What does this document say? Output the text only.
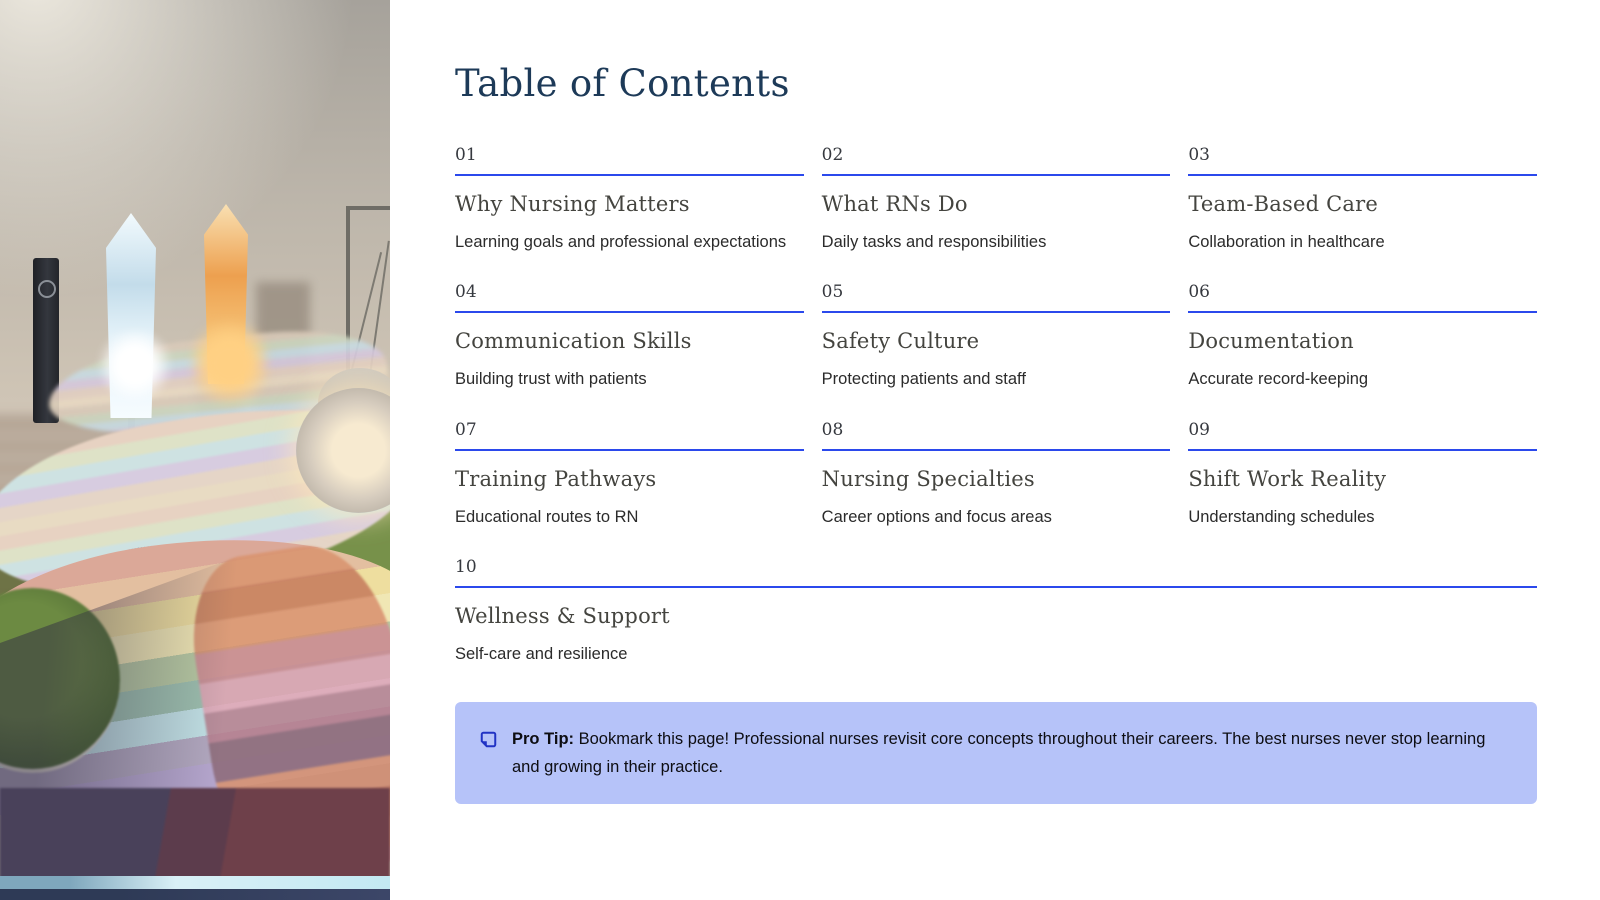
Table of Contents
01
Why Nursing Matters
Learning goals and professional expectations
02
What RNs Do
Daily tasks and responsibilities
03
Team-Based Care
Collaboration in healthcare
04
Communication Skills
Building trust with patients
05
Safety Culture
Protecting patients and staff
06
Documentation
Accurate record-keeping
07
Training Pathways
Educational routes to RN
08
Nursing Specialties
Career options and focus areas
09
Shift Work Reality
Understanding schedules
10
Wellness & Support
Self-care and resilience

Pro Tip: Bookmark this page! Professional nurses revisit core concepts throughout their careers. The best nurses never stop learning and growing in their practice.
